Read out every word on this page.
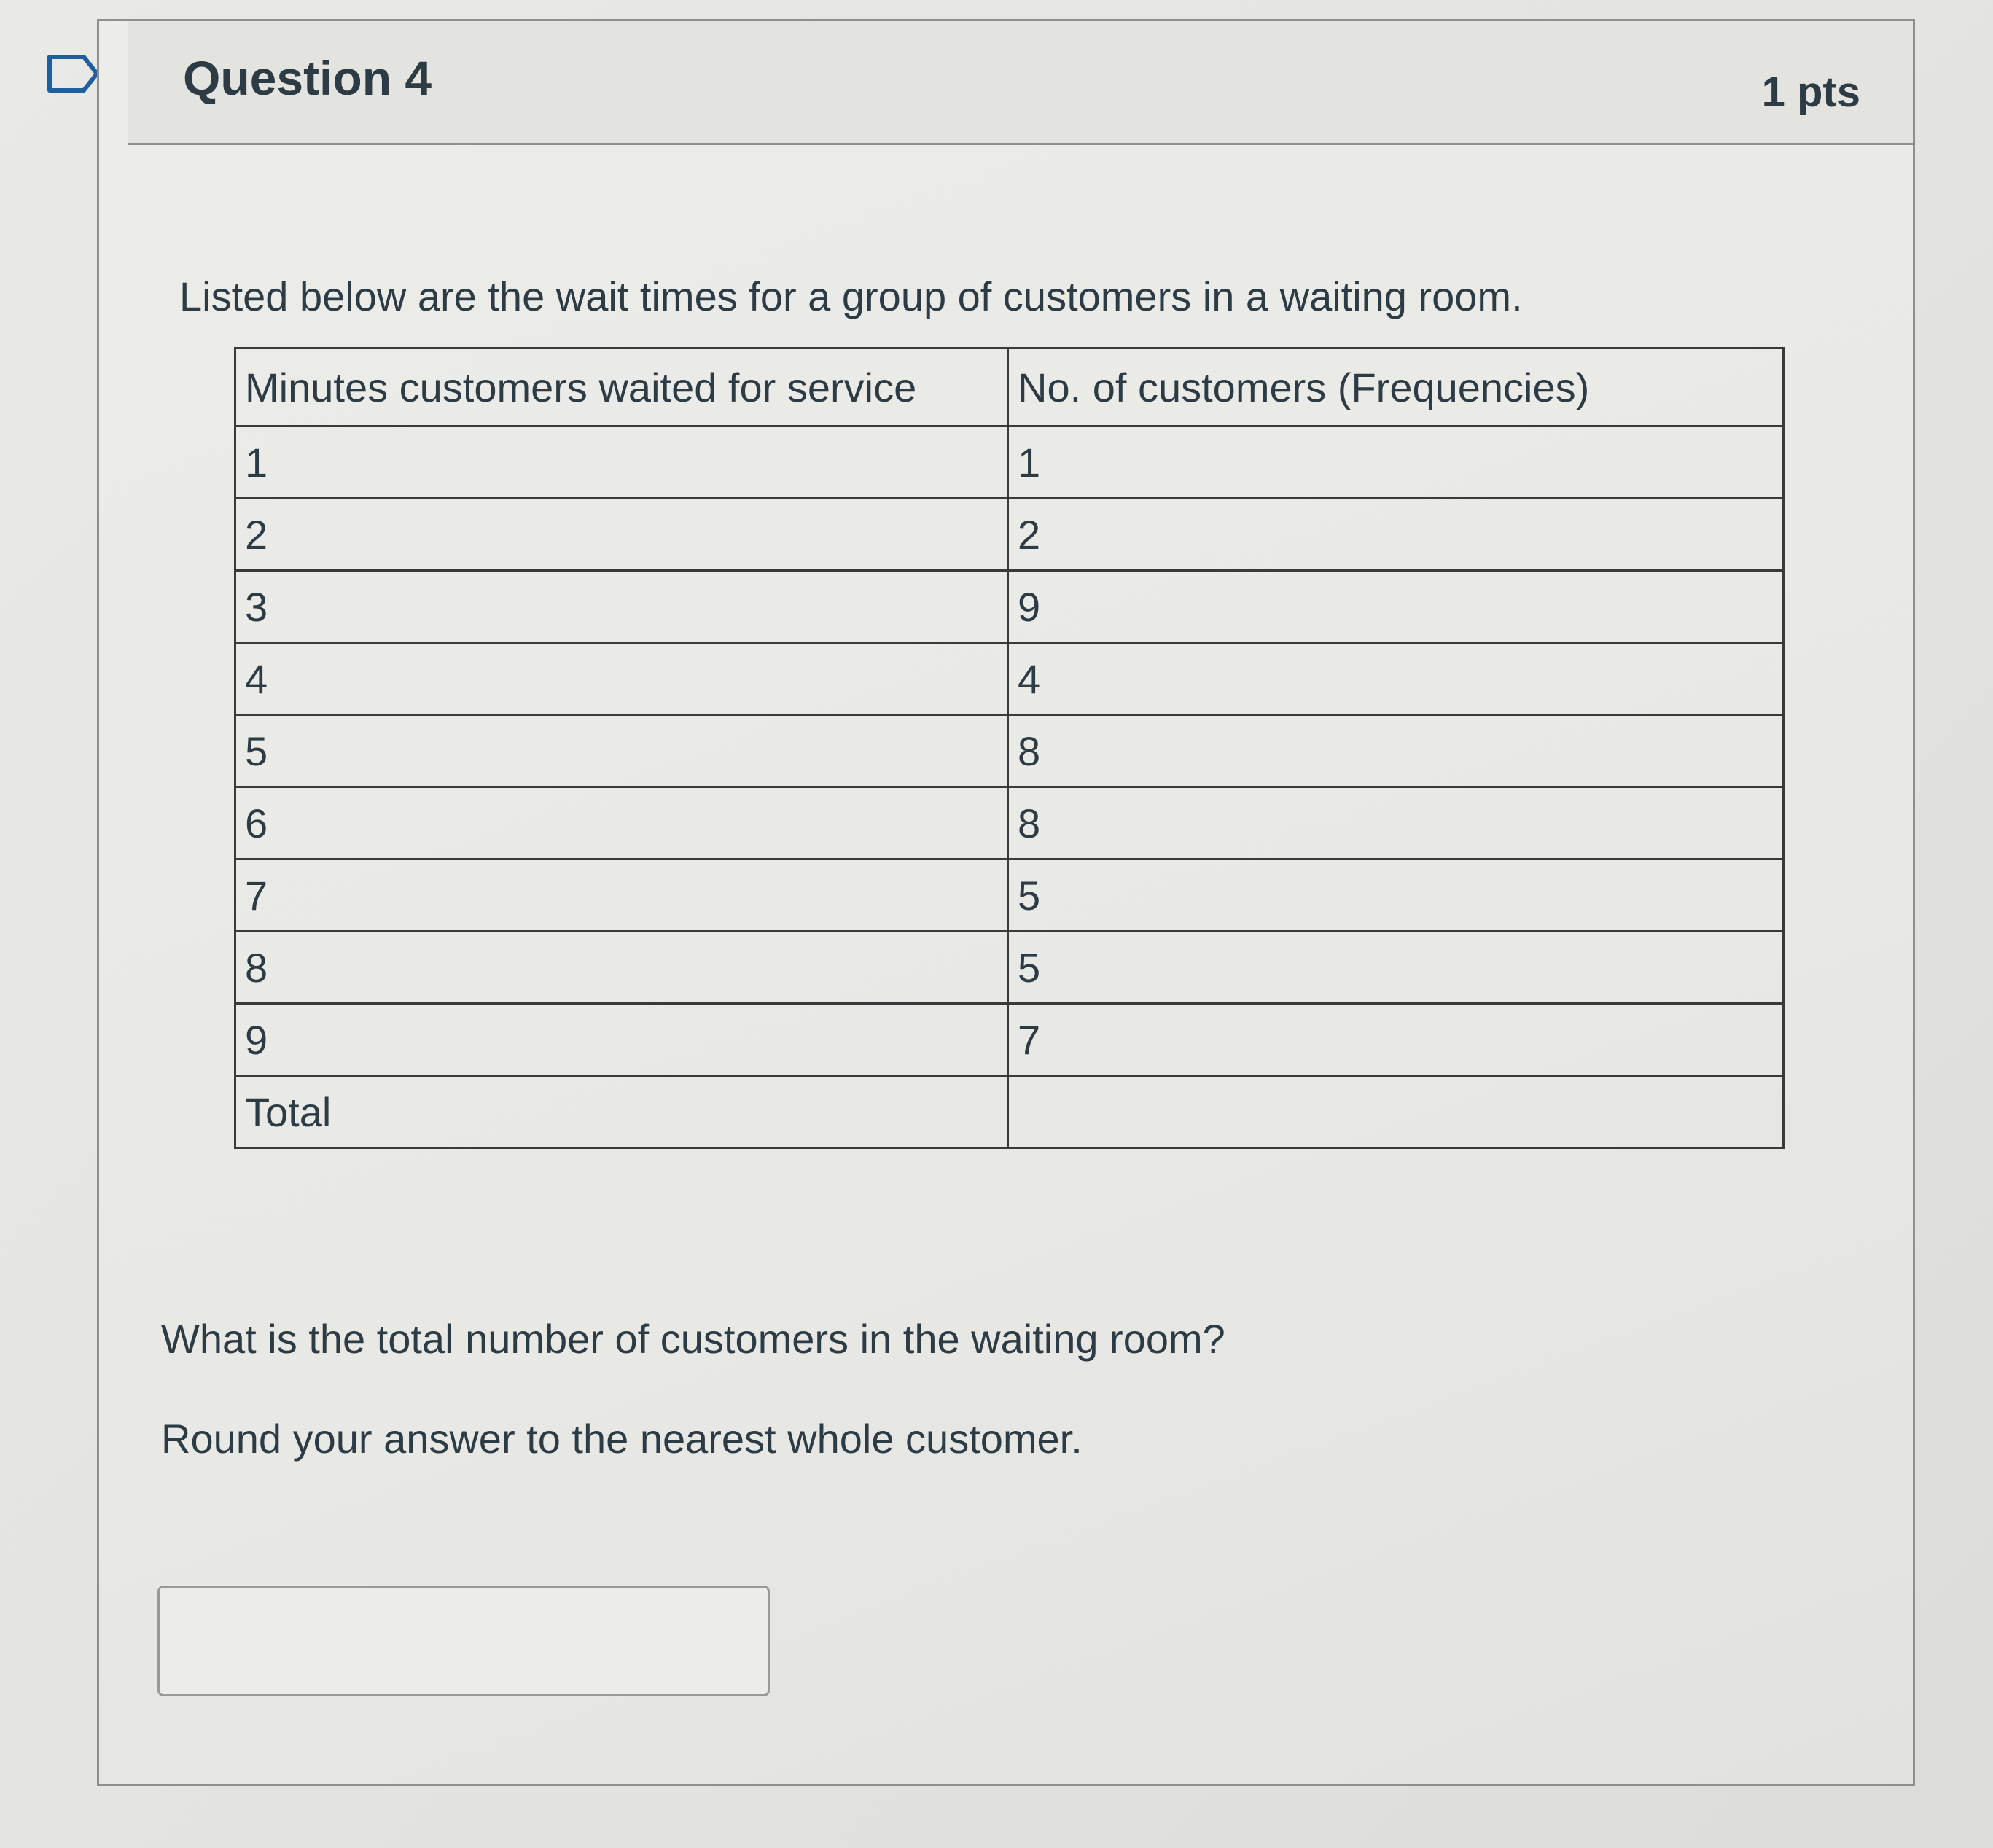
Question 4	1 pts
Listed below are the wait times for a group of customers in a waiting room.
Minutes customers waited for service	No. of customers (Frequencies)
1	1
2	2
3	9
4	4
5	8
6	8
7	5
8	5
9	7
Total	
What is the total number of customers in the waiting room?
Round your answer to the nearest whole customer.
